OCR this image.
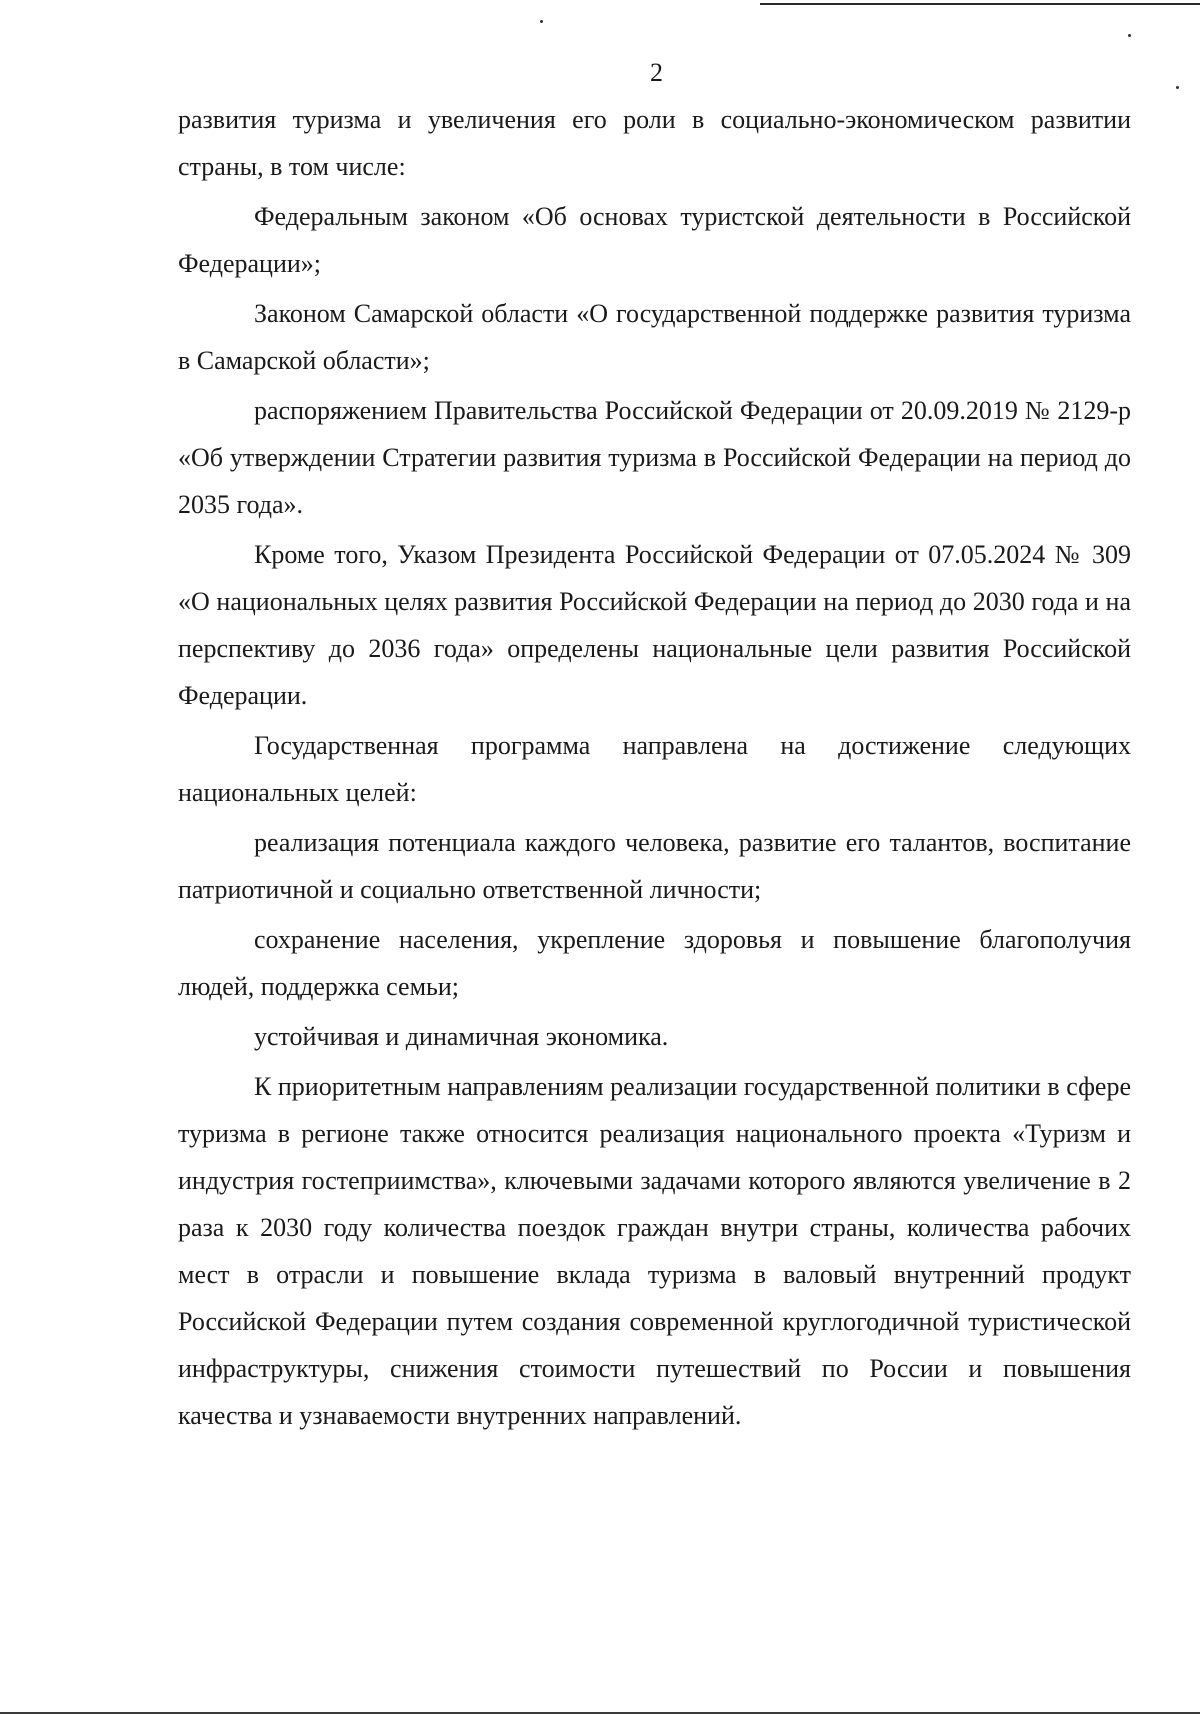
2

развития туризма и увеличения его роли в социально-экономическом развитии страны, в том числе:

Федеральным законом «Об основах туристской деятельности в Российской Федерации»;

Законом Самарской области «О государственной поддержке развития туризма в Самарской области»;

распоряжением Правительства Российской Федерации от 20.09.2019 № 2129-р «Об утверждении Стратегии развития туризма в Российской Федерации на период до 2035 года».

Кроме того, Указом Президента Российской Федерации от 07.05.2024 № 309 «О национальных целях развития Российской Федерации на период до 2030 года и на перспективу до 2036 года» определены национальные цели развития Российской Федерации.

Государственная программа направлена на достижение следующих национальных целей:

реализация потенциала каждого человека, развитие его талантов, воспитание патриотичной и социально ответственной личности;

сохранение населения, укрепление здоровья и повышение благополучия людей, поддержка семьи;

устойчивая и динамичная экономика.

К приоритетным направлениям реализации государственной политики в сфере туризма в регионе также относится реализация национального проекта «Туризм и индустрия гостеприимства», ключевыми задачами которого являются увеличение в 2 раза к 2030 году количества поездок граждан внутри страны, количества рабочих мест в отрасли и повышение вклада туризма в валовый внутренний продукт Российской Федерации путем создания современной круглогодичной туристической инфраструктуры, снижения стоимости путешествий по России и повышения качества и узнаваемости внутренних направлений.
